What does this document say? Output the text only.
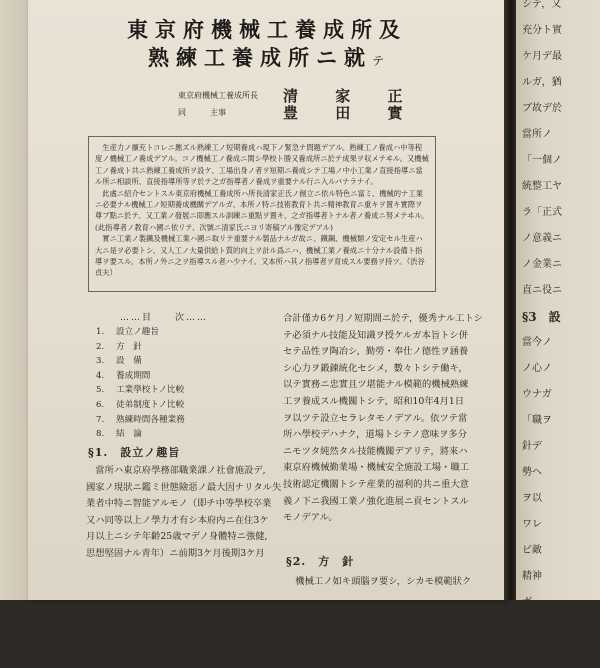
東京府機械工養成所及
熟練工養成所ニ就テ
東京府機械工養成所長 清 家 正
同　　　主事	豊 田 實

生産力ノ擴充トコレニ應ズル熟練工ノ短期養成ハ現下ノ緊急ナ問題デアル。熟練工ノ養成ハ中等程度ノ機械工ノ養成デアル。コノ機械工ノ養成ニ関シ學校ト勝又養成所ニ於テ成果ヲ収メテヰル。又機械工ノ養成ト共ニ熟練工養成所ヲ設ケ、工場出身ノ者ヲ短期ニ養成シテ工場ノ中小工業ノ直接指導ニ當ル所ニ相談所、直接指導所等ヲ於テ之ガ指導者ノ養成ヲ重要ナル行ニ入ルバナラナイ。

此處ニ紹介セントスル東京府機械工養成所ハ所長清家正氏ノ創立ニ依ル特色ニ富ミ、機械的ナ工業ニ必要ナル機械工ノ短期養成機關デアルガ、本所ノ特ニ技術教育ト共ニ精神教育ニ重キヲ置キ實際ヲ尊ブ點ニ於テ、又工業ノ發展ニ即應スル訓練ニ重點ヲ置キ、之ガ指導者トナル者ノ養成ニ努メテヰル。(此指導者ノ教育ハ國ニ依リテ、次號ニ清家氏ニヨリ寄稿アル豫定デアル)

實ニ工業ノ製鐵及機械工業ハ國ニ取リテ重要ナル製品ナルガ故ニ、鐵鋼、機械類ノ安定セル生産ハ大ニ是ヲ必要トシ、又人工ノ大量供給ト質的向上ヲ計ル爲ニハ、機械工業ノ養成ニ十分ナル設備ト指導ヲ要スル。本所ノ外ニ之ヲ指導スル者ハ少ナイ。又本所ハ其ノ指導者ヲ育成スル要務ヲ持ツ。（渋谷貞夫）

……目　　次……
1. 設立ノ趣旨
2. 方　針
3. 設　備
4. 養成期間
5. 工業學校トノ比較
6. 徒弟制度トノ比較
7. 熟練時間各種業務
8. 結　論
§1.　設立ノ趣旨

　當所ハ東京府學務部職業課ノ社會施設デ,

國家ノ現狀ニ鑑ミ世態險惡ノ最大因ナリタル失

業者中特ニ智能アルモノ（即チ中等學校卒業

又ハ同等以上ノ學力才有シ本府内ニ在住3ケ

月以上ニシテ年齢25歳マデノ身體特ニ強健,

思想堅固ナル青年）ニ前期3ケ月後期3ケ月

合計僅カ6ケ月ノ短期間ニ於テ，優秀ナル工トシ

テ必須ナル技能及知識ヲ授ケルガ本旨トシ併

セテ品性ヲ陶冶シ，勤勞・奉仕ノ德性ヲ涵養

シ心力ヲ鍛錬統化セシメ，數々トシテ働キ，

以テ實務ニ忠實且ツ堪能ナル模範的機械熟練

工ヲ養成スル機關トシテ，昭和10年4月1日

ヲ以ツテ設立セラレタモノデアル。依ツテ當

所ハ學校デハナク，道場トシテノ意味ヲ多分

ニモツタ純然タル技能機關デアリテ，將來ハ

東京府機械勤業場・機械安全施設工場・職工

技術認定機關トシテ産業的福利的共ニ重大意

義ノ下ニ我國工業ノ強化進展ニ貢セントスル

モノデアル。

§2.　方　針

　機械工ノ如キ頭腦ヲ要シ，シカモ模範狀ク

シテ，又

充分ト實

ケ月デ最

ルガ，猶

ブ故デ於

當所ノ

「一個ノ

統整工ヤ

ラ「正式

ノ意義ニ

ノ金業ニ

直ニ役ニ

§3　設

當今ノ

ノ心ノ

ウナガ

「職ヲ

針デ

勢ヘ

ヲ以

ワレ

ビ敵

精神

ガ

所

シ
